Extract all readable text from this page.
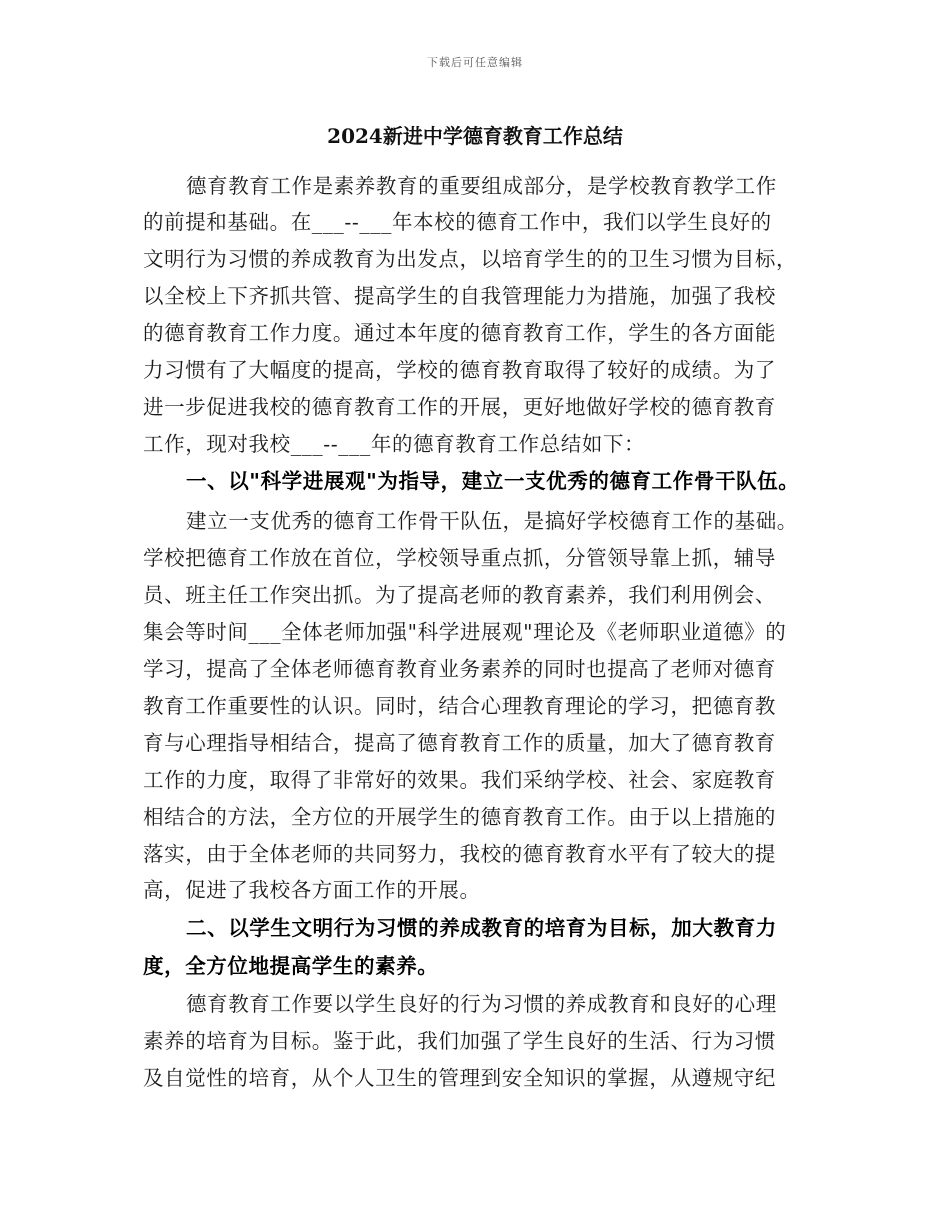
下载后可任意编辑
2024新进中学德育教育工作总结
德育教育工作是素养教育的重要组成部分，是学校教育教学工作
的前提和基础。在___--___年本校的德育工作中，我们以学生良好的
文明行为习惯的养成教育为出发点，以培育学生的的卫生习惯为目标，
以全校上下齐抓共管、提高学生的自我管理能力为措施，加强了我校
的德育教育工作力度。通过本年度的德育教育工作，学生的各方面能
力习惯有了大幅度的提高，学校的德育教育取得了较好的成绩。为了
进一步促进我校的德育教育工作的开展，更好地做好学校的德育教育
工作，现对我校___--___年的德育教育工作总结如下：
一、以"科学进展观"为指导，建立一支优秀的德育工作骨干队伍。
建立一支优秀的德育工作骨干队伍，是搞好学校德育工作的基础。
学校把德育工作放在首位，学校领导重点抓，分管领导靠上抓，辅导
员、班主任工作突出抓。为了提高老师的教育素养，我们利用例会、
集会等时间___全体老师加强"科学进展观"理论及《老师职业道德》的
学习，提高了全体老师德育教育业务素养的同时也提高了老师对德育
教育工作重要性的认识。同时，结合心理教育理论的学习，把德育教
育与心理指导相结合，提高了德育教育工作的质量，加大了德育教育
工作的力度，取得了非常好的效果。我们采纳学校、社会、家庭教育
相结合的方法，全方位的开展学生的德育教育工作。由于以上措施的
落实，由于全体老师的共同努力，我校的德育教育水平有了较大的提
高，促进了我校各方面工作的开展。
二、以学生文明行为习惯的养成教育的培育为目标，加大教育力
度，全方位地提高学生的素养。
德育教育工作要以学生良好的行为习惯的养成教育和良好的心理
素养的培育为目标。鉴于此，我们加强了学生良好的生活、行为习惯
及自觉性的培育，从个人卫生的管理到安全知识的掌握，从遵规守纪
